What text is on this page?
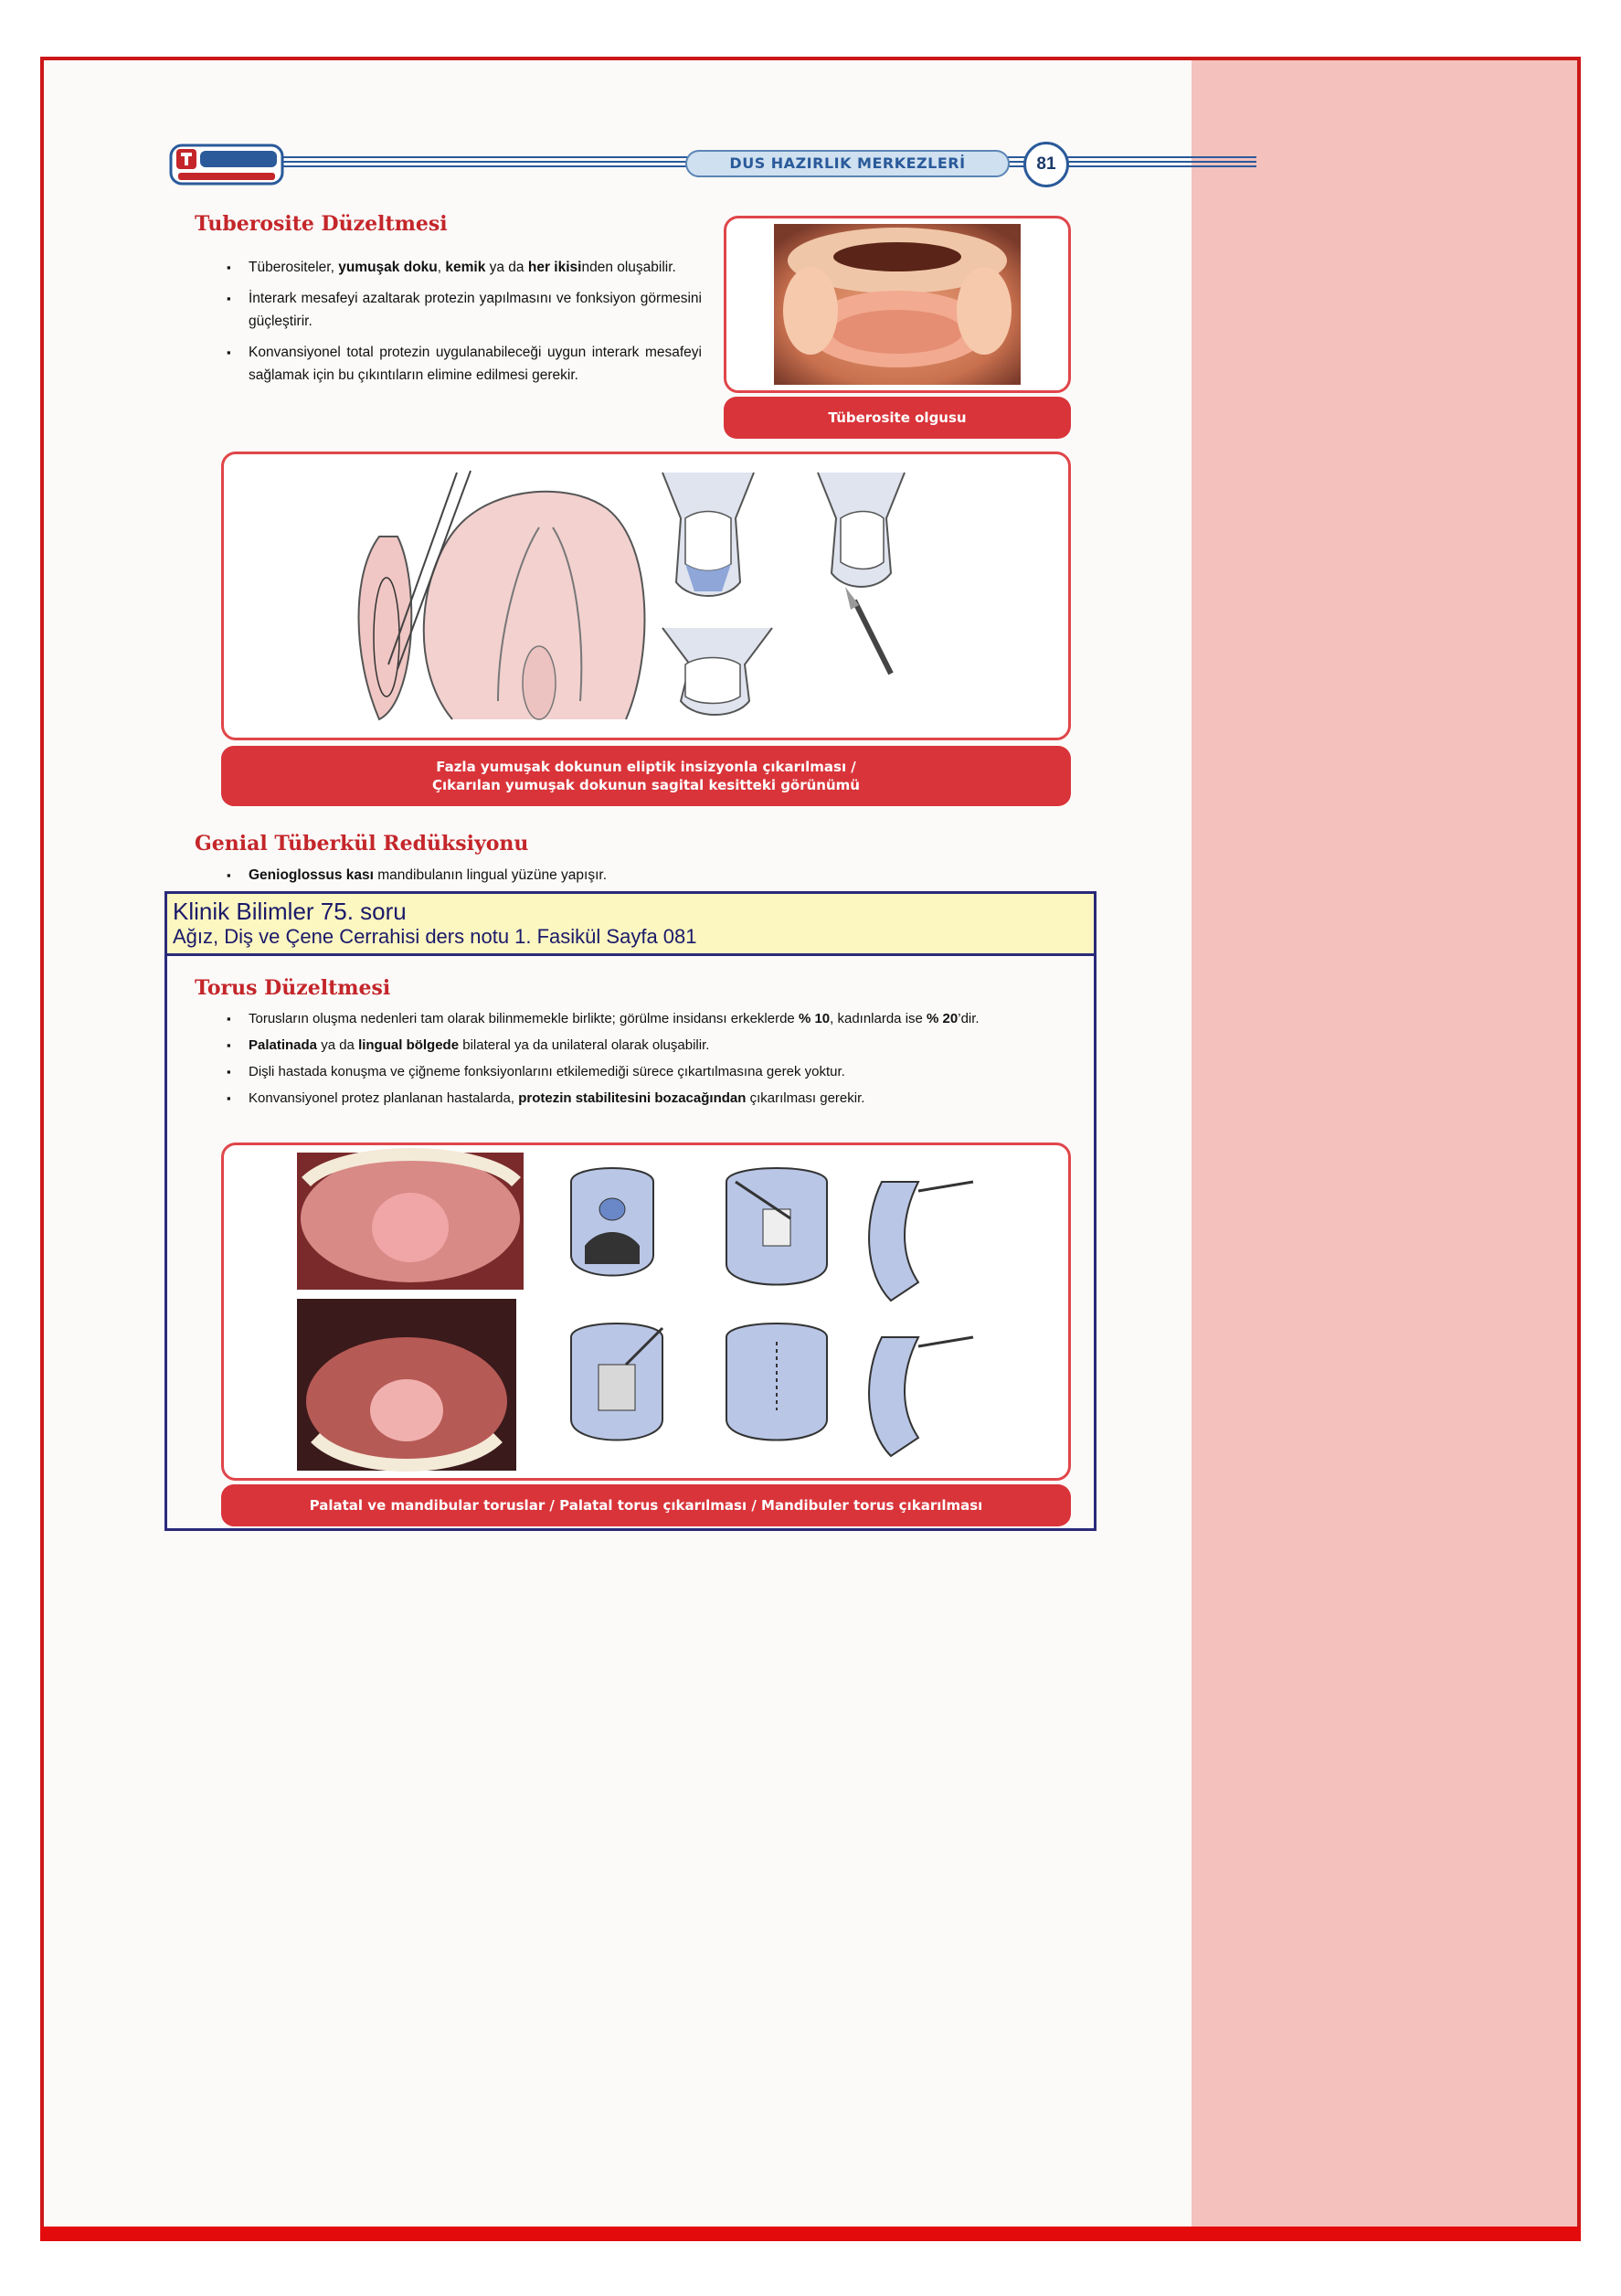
DUS HAZIRLIK MERKEZLERİ	81
Tuberosite Düzeltmesi
▪ Tüberositeler, yumuşak doku, kemik ya da her ikisinden oluşabilir.
▪ İnterark mesafeyi azaltarak protezin yapılmasını ve fonksiyon görmesini güçleştirir.
▪ Konvansiyonel total protezin uygulanabileceği uygun interark mesafeyi sağlamak için bu çıkıntıların elimine edilmesi gerekir.
Tüberosite olgusu
Fazla yumuşak dokunun eliptik insizyonla çıkarılması /
Çıkarılan yumuşak dokunun sagital kesitteki görünümü
Genial Tüberkül Redüksiyonu
▪ Genioglossus kası mandibulanın lingual yüzüne yapışır.
Klinik Bilimler 75. soru
Ağız, Diş ve Çene Cerrahisi ders notu 1. Fasikül Sayfa 081
Torus Düzeltmesi
▪ Torusların oluşma nedenleri tam olarak bilinmemekle birlikte; görülme insidansı erkeklerde % 10, kadınlarda ise % 20’dir.
▪ Palatinada ya da lingual bölgede bilateral ya da unilateral olarak oluşabilir.
▪ Dişli hastada konuşma ve çiğneme fonksiyonlarını etkilemediği sürece çıkartılmasına gerek yoktur.
▪ Konvansiyonel protez planlanan hastalarda, protezin stabilitesini bozacağından çıkarılması gerekir.
Palatal ve mandibular toruslar / Palatal torus çıkarılması / Mandibuler torus çıkarılması
